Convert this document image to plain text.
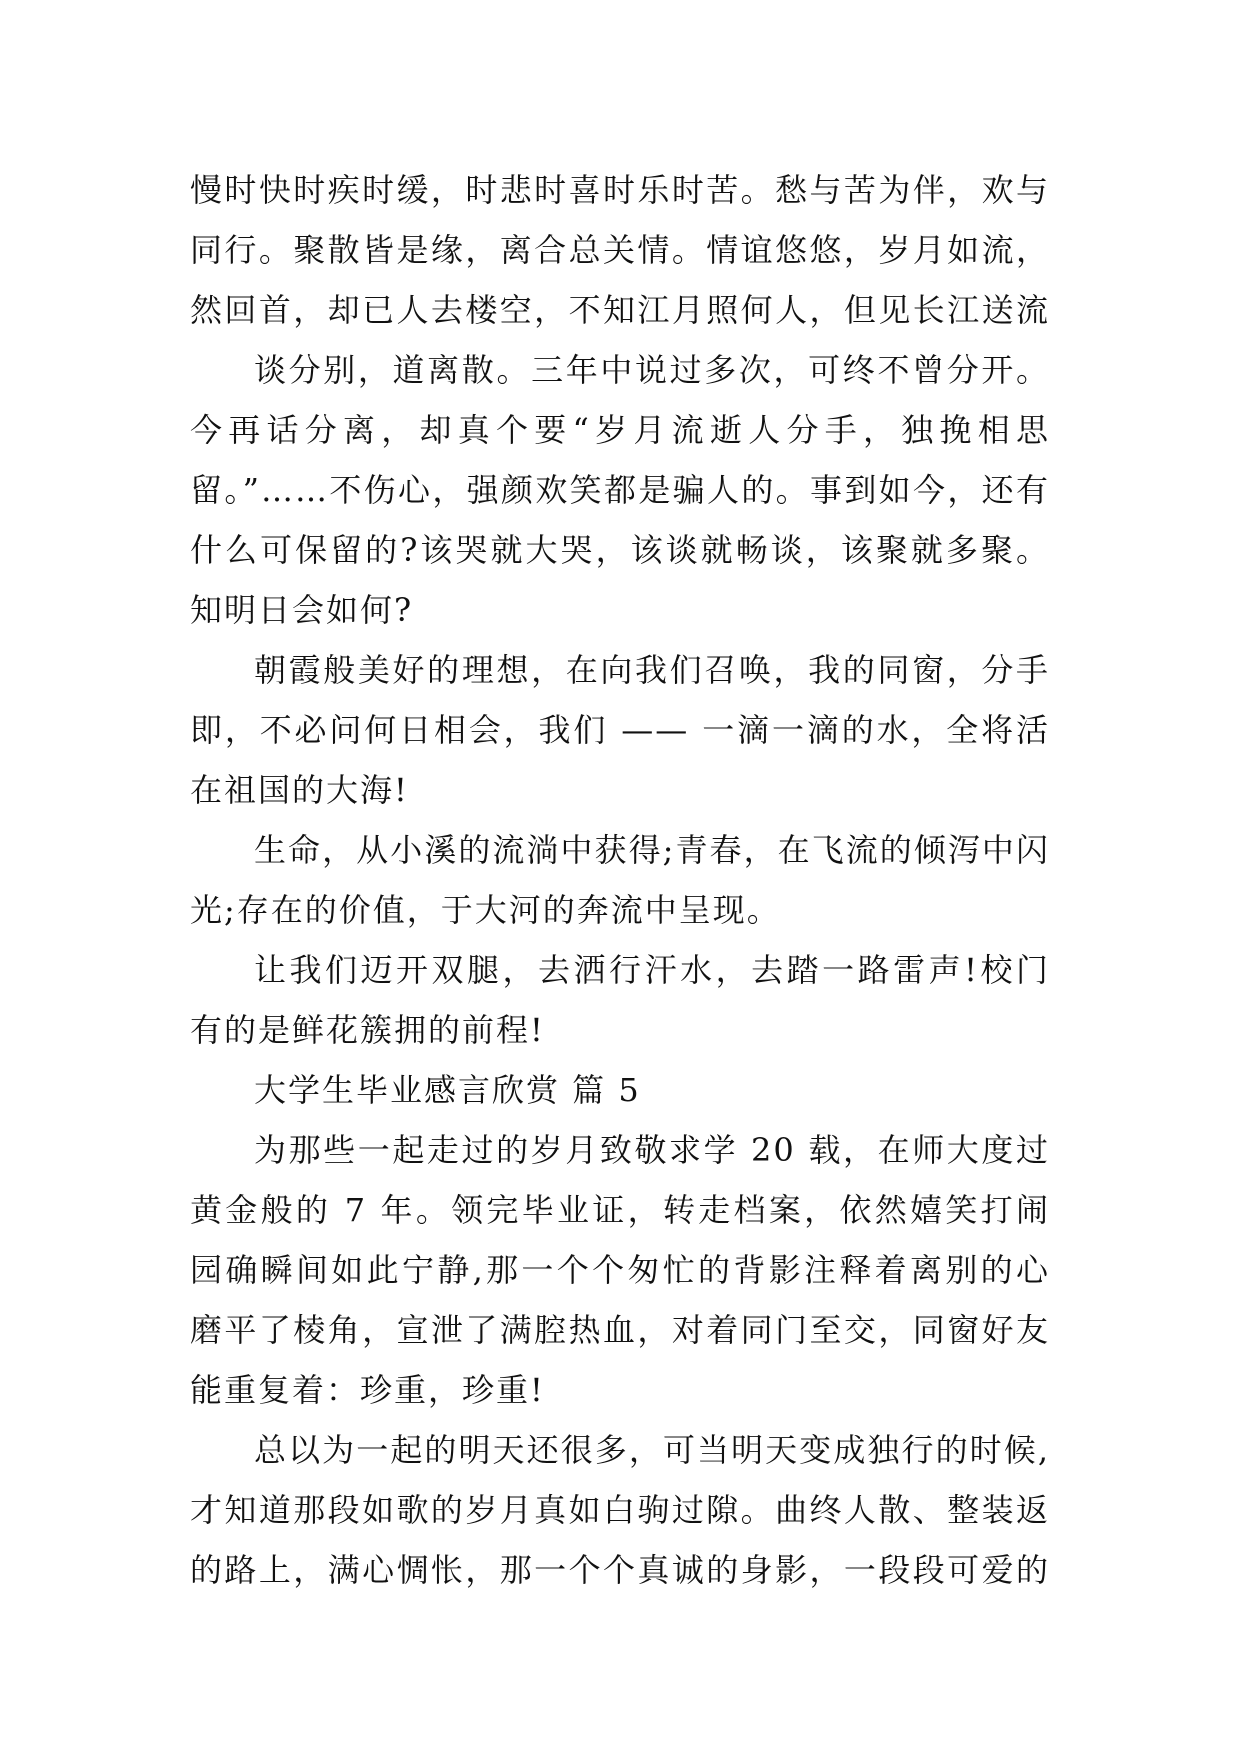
慢时快时疾时缓，时悲时喜时乐时苦。愁与苦为伴，欢与
同行。聚散皆是缘，离合总关情。情谊悠悠，岁月如流，
然回首，却已人去楼空，不知江月照何人，但见长江送流
谈分别，道离散。三年中说过多次，可终不曾分开。
今再话分离，却真个要“岁月流逝人分手，独挽相思
留。”……不伤心，强颜欢笑都是骗人的。事到如今，还有
什么可保留的?该哭就大哭，该谈就畅谈，该聚就多聚。
知明日会如何?
朝霞般美好的理想，在向我们召唤，我的同窗，分手
即，不必问何日相会，我们 —— 一滴一滴的水，全将活
在祖国的大海!
生命，从小溪的流淌中获得;青春，在飞流的倾泻中闪
光;存在的价值，于大河的奔流中呈现。
让我们迈开双腿，去洒行汗水，去踏一路雷声!校门
有的是鲜花簇拥的前程!
大学生毕业感言欣赏 篇 5
为那些一起走过的岁月致敬求学 20 载，在师大度过
黄金般的 7 年。领完毕业证，转走档案，依然嬉笑打闹
园确瞬间如此宁静,那一个个匆忙的背影注释着离别的心
磨平了棱角，宣泄了满腔热血，对着同门至交，同窗好友
能重复着：珍重，珍重!
总以为一起的明天还很多，可当明天变成独行的时候,
才知道那段如歌的岁月真如白驹过隙。曲终人散、整装返
的路上，满心惆怅，那一个个真诚的身影，一段段可爱的
